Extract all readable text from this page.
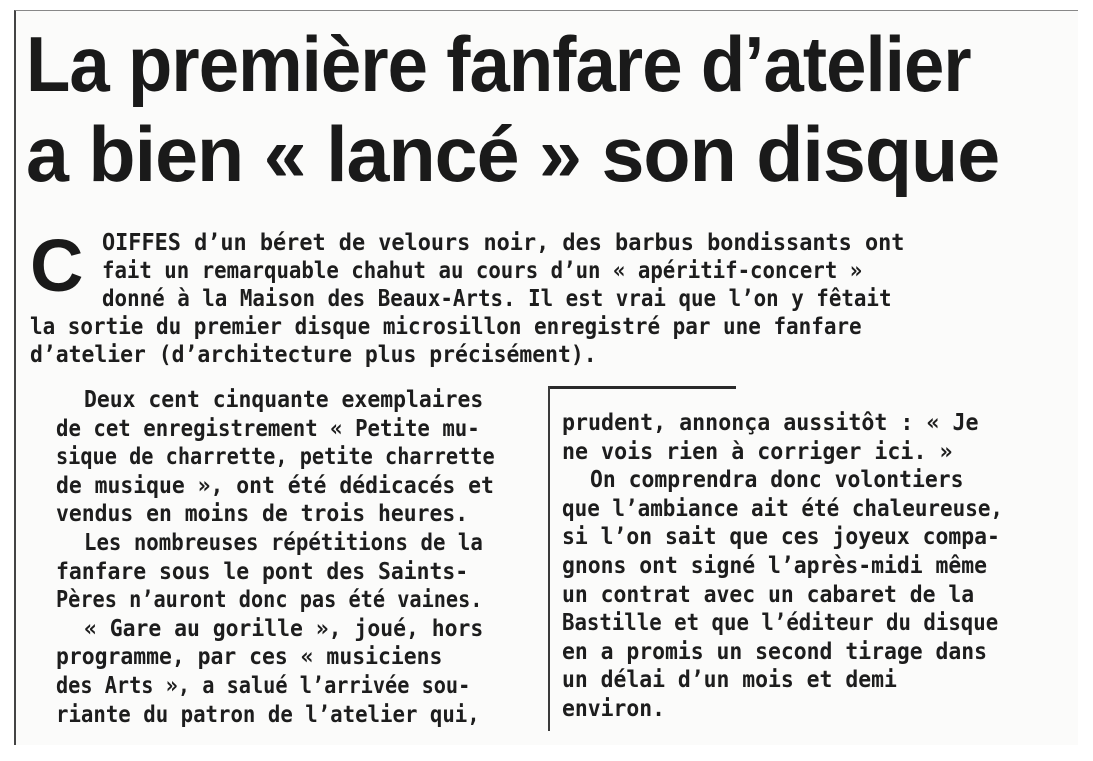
La première fanfare d’atelier
a bien « lancé » son disque
C OIFFES d’un béret de velours noir, des barbus bondissants ont
fait un remarquable chahut au cours d’un « apéritif-concert »
donné à la Maison des Beaux-Arts. Il est vrai que l’on y fêtait
la sortie du premier disque microsillon enregistré par une fanfare
d’atelier (d’architecture plus précisément).
Deux cent cinquante exemplaires
de cet enregistrement « Petite mu-
sique de charrette, petite charrette
de musique », ont été dédicacés et
vendus en moins de trois heures.
Les nombreuses répétitions de la
fanfare sous le pont des Saints-
Pères n’auront donc pas été vaines.
« Gare au gorille », joué, hors
programme, par ces « musiciens
des Arts », a salué l’arrivée sou-
riante du patron de l’atelier qui,
prudent, annonça aussitôt : « Je
ne vois rien à corriger ici. »
On comprendra donc volontiers
que l’ambiance ait été chaleureuse,
si l’on sait que ces joyeux compa-
gnons ont signé l’après-midi même
un contrat avec un cabaret de la
Bastille et que l’éditeur du disque
en a promis un second tirage dans
un délai d’un mois et demi
environ.
